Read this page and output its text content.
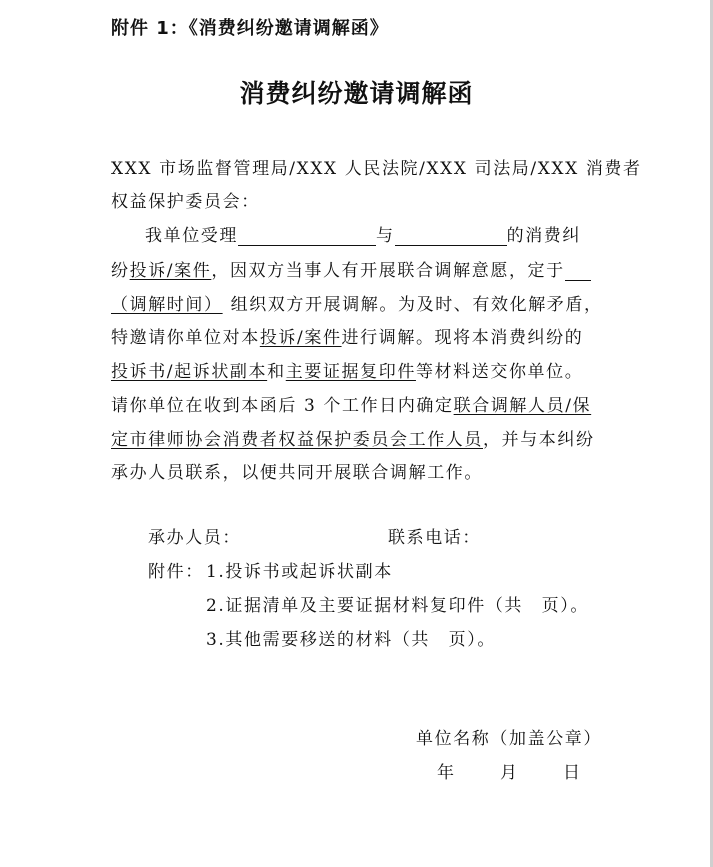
附件 1：《消费纠纷邀请调解函》
消费纠纷邀请调解函
XXX 市场监督管理局/XXX 人民法院/XXX 司法局/XXX 消费者
权益保护委员会：
我单位受理	与	的消费纠
纷投诉/案件，因双方当事人有开展联合调解意愿，定于
（调解时间） 组织双方开展调解。为及时、有效化解矛盾，
特邀请你单位对本投诉/案件进行调解。现将本消费纠纷的
投诉书/起诉状副本和主要证据复印件等材料送交你单位。
请你单位在收到本函后 3 个工作日内确定联合调解人员/保
定市律师协会消费者权益保护委员会工作人员，并与本纠纷
承办人员联系，以便共同开展联合调解工作。
承办人员：	联系电话：
附件： 1.投诉书或起诉状副本
2.证据清单及主要证据材料复印件（共　页）。
3.其他需要移送的材料（共　页）。
单位名称（加盖公章）
年　　月　　日
